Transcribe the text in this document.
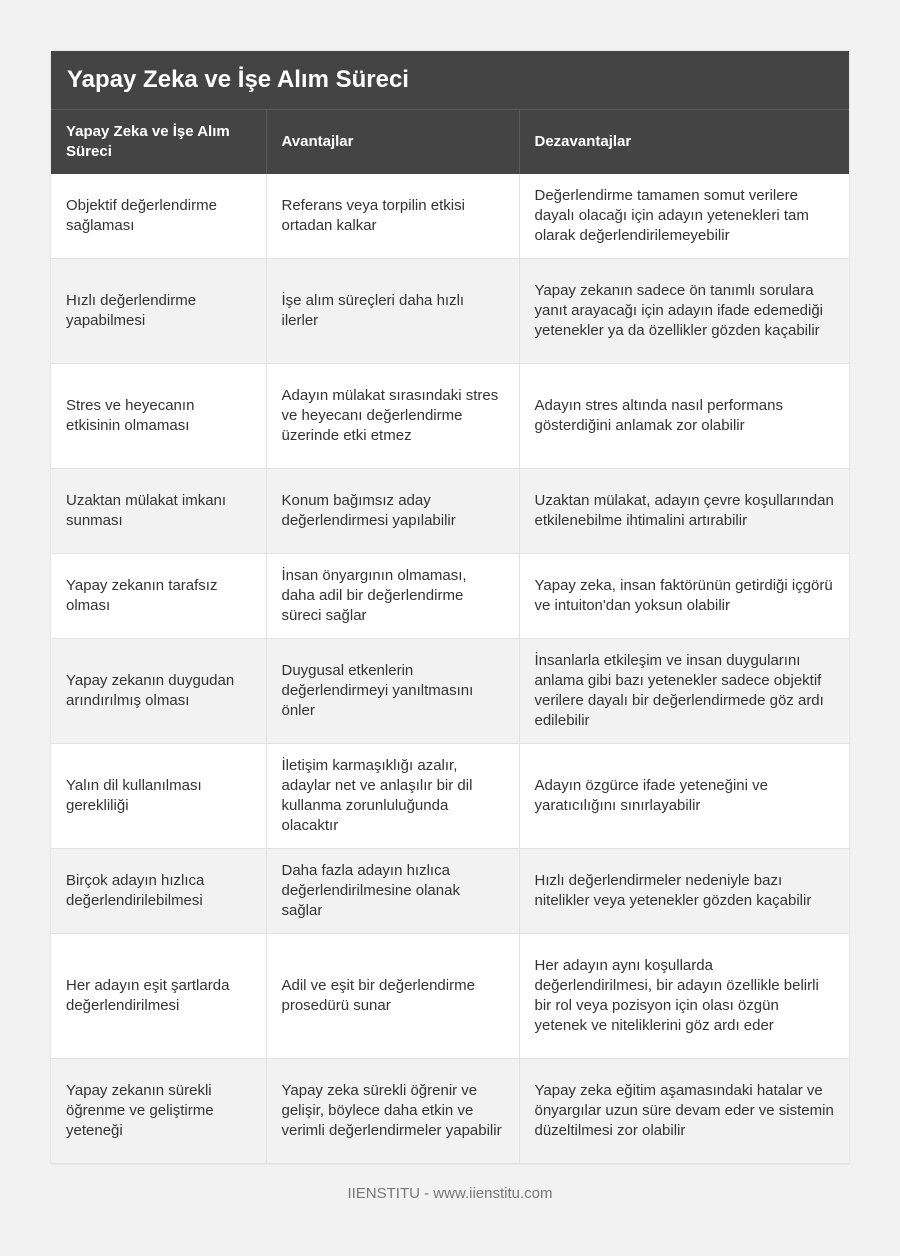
Yapay Zeka ve İşe Alım Süreci
Yapay Zeka ve İşe Alım Süreci	Avantajlar	Dezavantajlar
Objektif değerlendirme sağlaması	Referans veya torpilin etkisi ortadan kalkar	Değerlendirme tamamen somut verilere dayalı olacağı için adayın yetenekleri tam olarak değerlendirilemeyebilir
Hızlı değerlendirme yapabilmesi	İşe alım süreçleri daha hızlı ilerler	Yapay zekanın sadece ön tanımlı sorulara yanıt arayacağı için adayın ifade edemediği yetenekler ya da özellikler gözden kaçabilir
Stres ve heyecanın etkisinin olmaması	Adayın mülakat sırasındaki stres ve heyecanı değerlendirme üzerinde etki etmez	Adayın stres altında nasıl performans gösterdiğini anlamak zor olabilir
Uzaktan mülakat imkanı sunması	Konum bağımsız aday değerlendirmesi yapılabilir	Uzaktan mülakat, adayın çevre koşullarından etkilenebilme ihtimalini artırabilir
Yapay zekanın tarafsız olması	İnsan önyargının olmaması, daha adil bir değerlendirme süreci sağlar	Yapay zeka, insan faktörünün getirdiği içgörü ve intuiton'dan yoksun olabilir
Yapay zekanın duygudan arındırılmış olması	Duygusal etkenlerin değerlendirmeyi yanıltmasını önler	İnsanlarla etkileşim ve insan duygularını anlama gibi bazı yetenekler sadece objektif verilere dayalı bir değerlendirmede göz ardı edilebilir
Yalın dil kullanılması gerekliliği	İletişim karmaşıklığı azalır, adaylar net ve anlaşılır bir dil kullanma zorunluluğunda olacaktır	Adayın özgürce ifade yeteneğini ve yaratıcılığını sınırlayabilir
Birçok adayın hızlıca değerlendirilebilmesi	Daha fazla adayın hızlıca değerlendirilmesine olanak sağlar	Hızlı değerlendirmeler nedeniyle bazı nitelikler veya yetenekler gözden kaçabilir
Her adayın eşit şartlarda değerlendirilmesi	Adil ve eşit bir değerlendirme prosedürü sunar	Her adayın aynı koşullarda değerlendirilmesi, bir adayın özellikle belirli bir rol veya pozisyon için olası özgün yetenek ve niteliklerini göz ardı eder
Yapay zekanın sürekli öğrenme ve geliştirme yeteneği	Yapay zeka sürekli öğrenir ve gelişir, böylece daha etkin ve verimli değerlendirmeler yapabilir	Yapay zeka eğitim aşamasındaki hatalar ve önyargılar uzun süre devam eder ve sistemin düzeltilmesi zor olabilir
IIENSTITU - www.iienstitu.com
